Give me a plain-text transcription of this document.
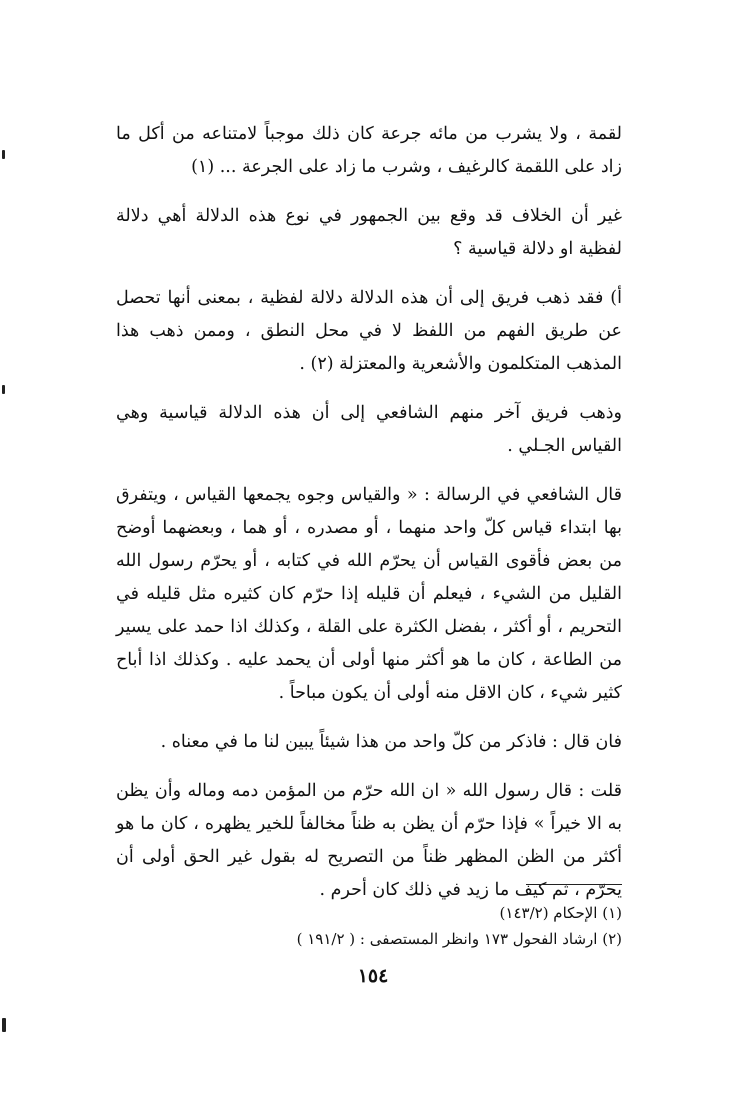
لقمة ، ولا يشرب من مائه جرعة كان ذلك موجباً لامتناعه من أكل ما زاد على اللقمة كالرغيف ، وشرب ما زاد على الجرعة ... (١)

غير أن الخلاف قد وقع بين الجمهور في نوع هذه الدلالة أهي دلالة لفظية او دلالة قياسية ؟

أ) فقد ذهب فريق إلى أن هذه الدلالة دلالة لفظية ، بمعنى أنها تحصل عن طريق الفهم من اللفظ لا في محل النطق ، وممن ذهب هذا المذهب المتكلمون والأشعرية والمعتزلة (٢) .

وذهب فريق آخر منهم الشافعي إلى أن هذه الدلالة قياسية وهي القياس الجـلي .

قال الشافعي في الرسالة : « والقياس وجوه يجمعها القياس ، ويتفرق بها ابتداء قياس كلّ واحد منهما ، أو مصدره ، أو هما ، وبعضهما أوضح من بعض فأقوى القياس أن يحرّم الله في كتابه ، أو يحرّم رسول الله القليل من الشيء ، فيعلم أن قليله إذا حرّم كان كثيره مثل قليله في التحريم ، أو أكثر ، بفضل الكثرة على القلة ، وكذلك اذا حمد على يسير من الطاعة ، كان ما هو أكثر منها أولى أن يحمد عليه . وكذلك اذا أباح كثير شيء ، كان الاقل منه أولى أن يكون مباحاً .

فان قال : فاذكر من كلّ واحد من هذا شيئاً يبين لنا ما في معناه .

قلت : قال رسول الله « ان الله حرّم من المؤمن دمه وماله وأن يظن به الا خيراً » فإذا حرّم أن يظن به ظناً مخالفاً للخير يظهره ، كان ما هو أكثر من الظن المظهر ظناً من التصريح له بقول غير الحق أولى أن يحرّم ، ثم كيف ما زيد في ذلك كان أحرم .

(١) الإحكام (١٤٣/٢)

(٢) ارشاد الفحول ١٧٣ وانظر المستصفى : ( ١٩١/٢ )

١٥٤
